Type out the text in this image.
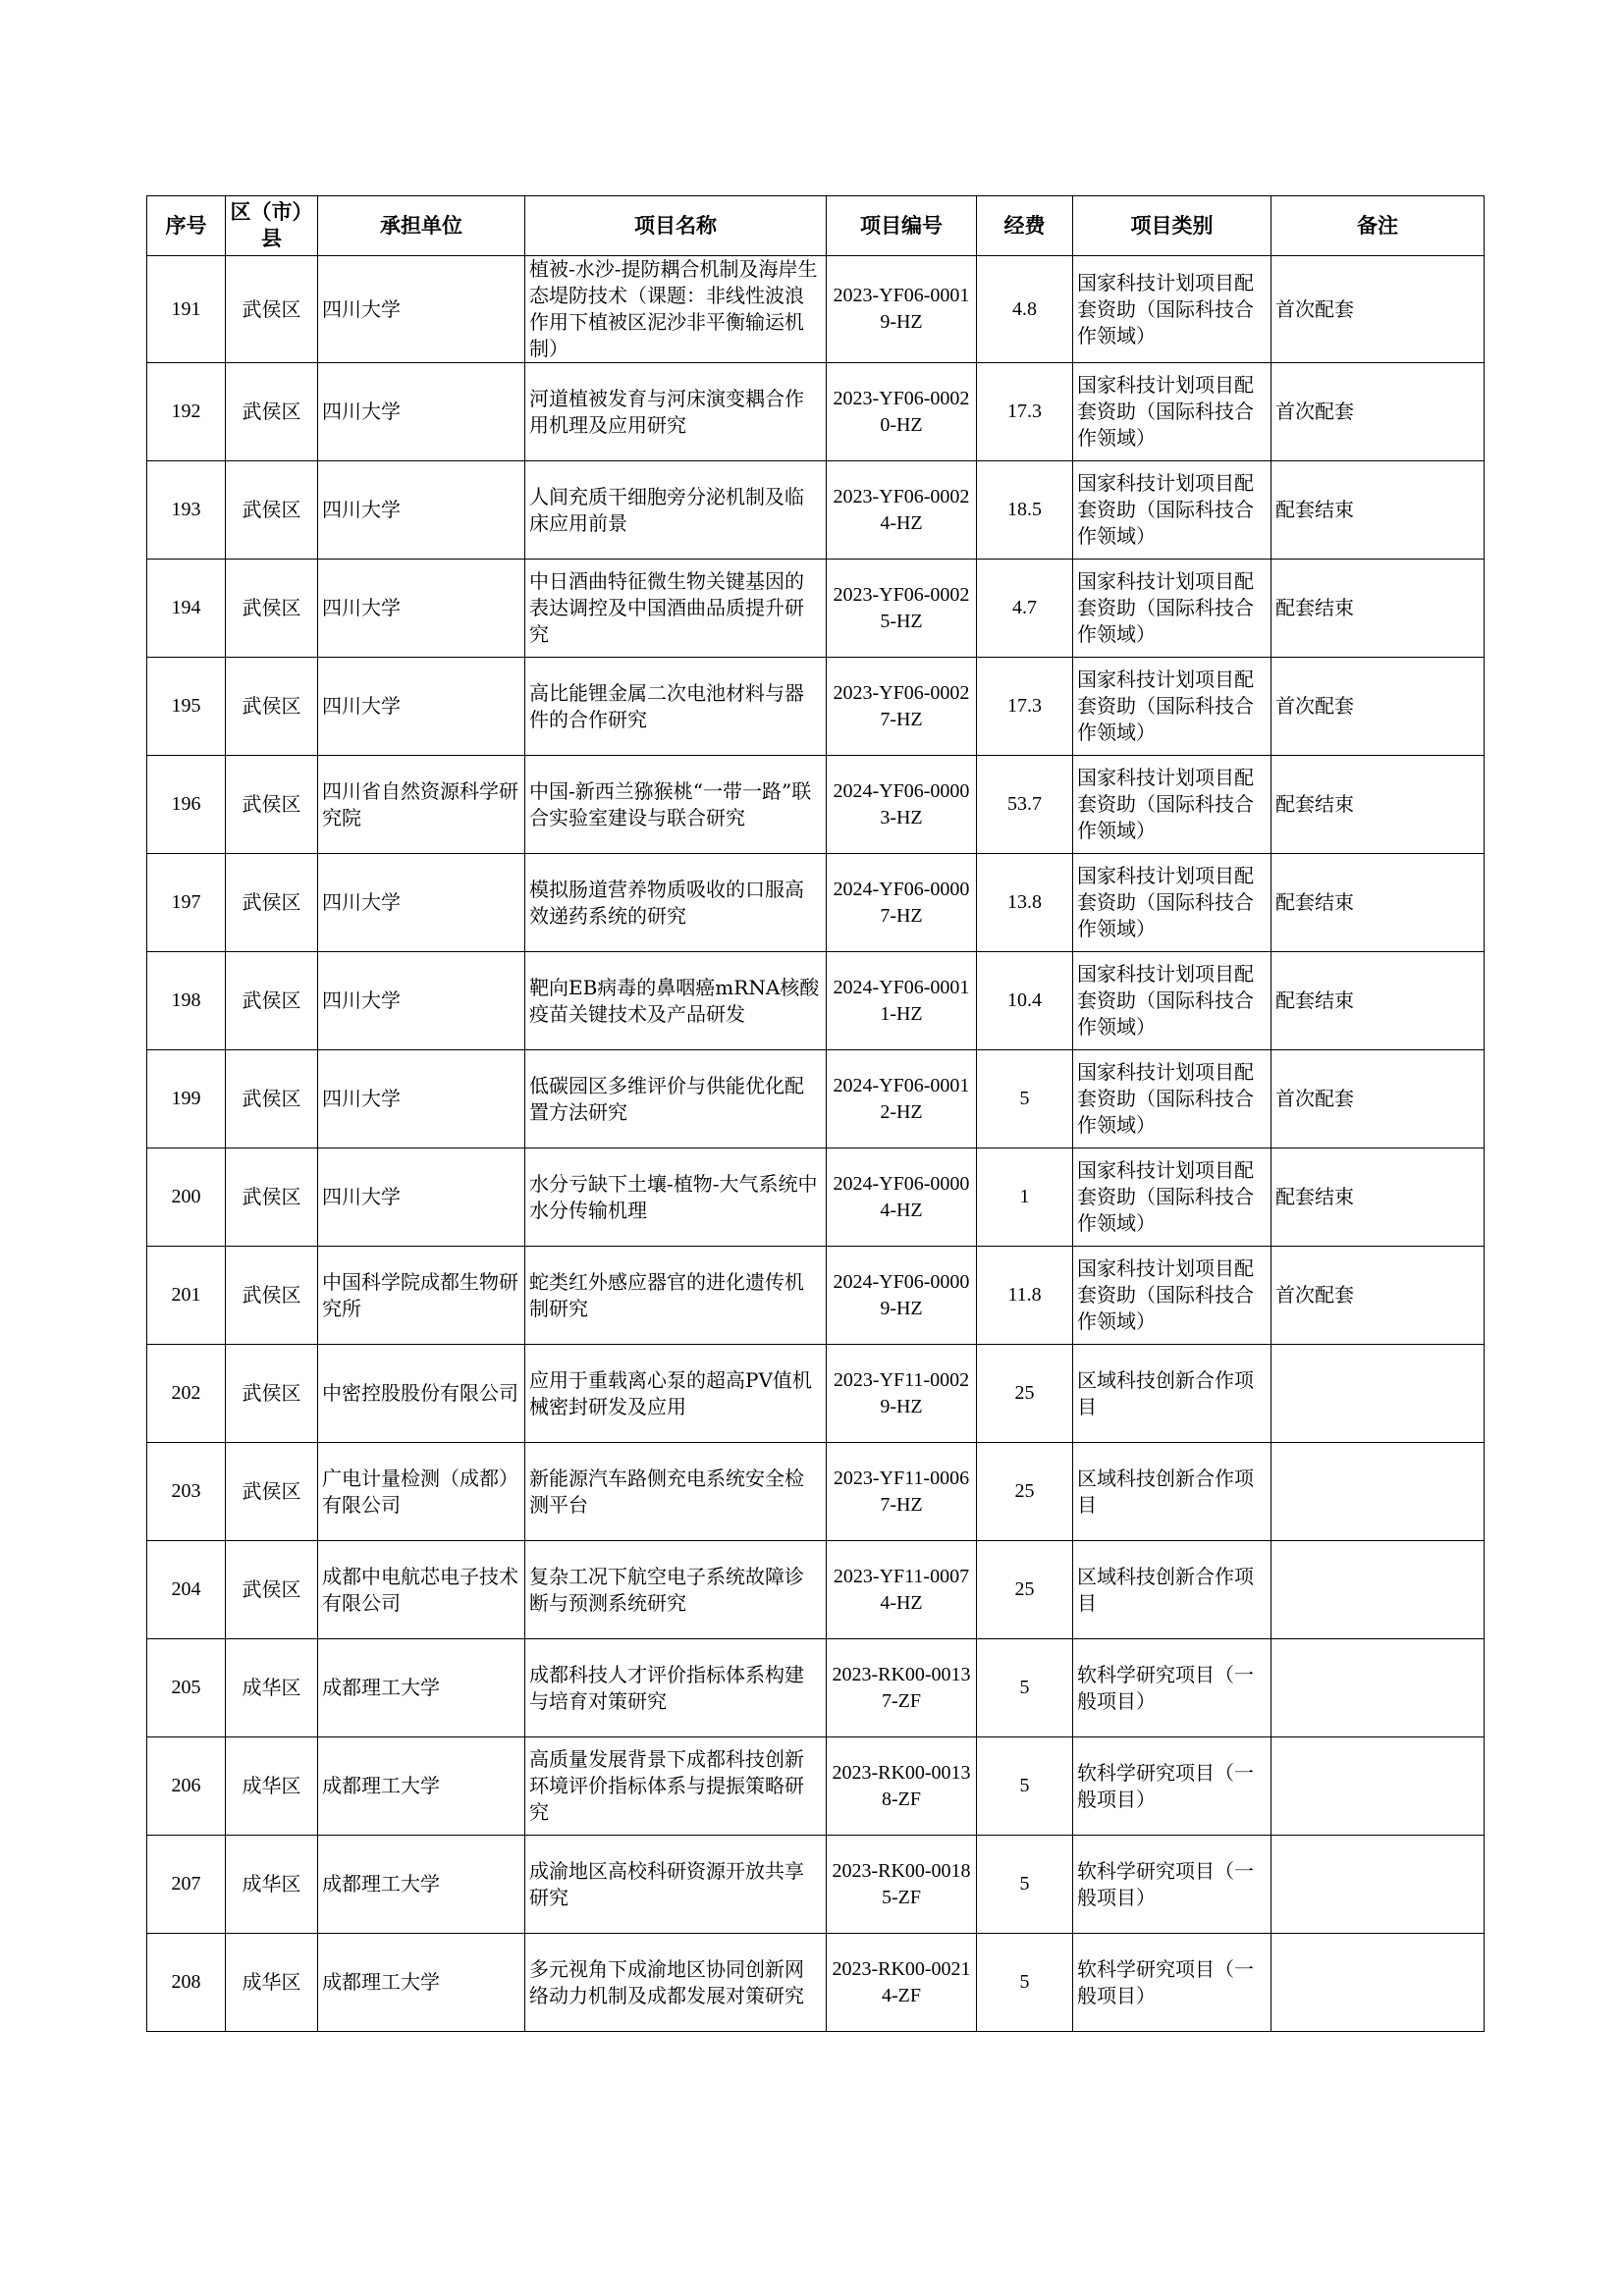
序号	区（市）县	承担单位	项目名称	项目编号	经费	项目类别	备注
191	武侯区	四川大学	植被-水沙-提防耦合机制及海岸生态堤防技术（课题：非线性波浪作用下植被区泥沙非平衡输运机制）	2023-YF06-00019-HZ	4.8	国家科技计划项目配套资助（国际科技合作领域）	首次配套
192	武侯区	四川大学	河道植被发育与河床演变耦合作用机理及应用研究	2023-YF06-00020-HZ	17.3	国家科技计划项目配套资助（国际科技合作领域）	首次配套
193	武侯区	四川大学	人间充质干细胞旁分泌机制及临床应用前景	2023-YF06-00024-HZ	18.5	国家科技计划项目配套资助（国际科技合作领域）	配套结束
194	武侯区	四川大学	中日酒曲特征微生物关键基因的表达调控及中国酒曲品质提升研究	2023-YF06-00025-HZ	4.7	国家科技计划项目配套资助（国际科技合作领域）	配套结束
195	武侯区	四川大学	高比能锂金属二次电池材料与器件的合作研究	2023-YF06-00027-HZ	17.3	国家科技计划项目配套资助（国际科技合作领域）	首次配套
196	武侯区	四川省自然资源科学研究院	中国-新西兰猕猴桃“一带一路”联合实验室建设与联合研究	2024-YF06-00003-HZ	53.7	国家科技计划项目配套资助（国际科技合作领域）	配套结束
197	武侯区	四川大学	模拟肠道营养物质吸收的口服高效递药系统的研究	2024-YF06-00007-HZ	13.8	国家科技计划项目配套资助（国际科技合作领域）	配套结束
198	武侯区	四川大学	靶向EB病毒的鼻咽癌mRNA核酸疫苗关键技术及产品研发	2024-YF06-00011-HZ	10.4	国家科技计划项目配套资助（国际科技合作领域）	配套结束
199	武侯区	四川大学	低碳园区多维评价与供能优化配置方法研究	2024-YF06-00012-HZ	5	国家科技计划项目配套资助（国际科技合作领域）	首次配套
200	武侯区	四川大学	水分亏缺下土壤-植物-大气系统中水分传输机理	2024-YF06-00004-HZ	1	国家科技计划项目配套资助（国际科技合作领域）	配套结束
201	武侯区	中国科学院成都生物研究所	蛇类红外感应器官的进化遗传机制研究	2024-YF06-00009-HZ	11.8	国家科技计划项目配套资助（国际科技合作领域）	首次配套
202	武侯区	中密控股股份有限公司	应用于重载离心泵的超高PV值机械密封研发及应用	2023-YF11-00029-HZ	25	区域科技创新合作项目	
203	武侯区	广电计量检测（成都）有限公司	新能源汽车路侧充电系统安全检测平台	2023-YF11-00067-HZ	25	区域科技创新合作项目	
204	武侯区	成都中电航芯电子技术有限公司	复杂工况下航空电子系统故障诊断与预测系统研究	2023-YF11-00074-HZ	25	区域科技创新合作项目	
205	成华区	成都理工大学	成都科技人才评价指标体系构建与培育对策研究	2023-RK00-00137-ZF	5	软科学研究项目（一般项目）	
206	成华区	成都理工大学	高质量发展背景下成都科技创新环境评价指标体系与提振策略研究	2023-RK00-00138-ZF	5	软科学研究项目（一般项目）	
207	成华区	成都理工大学	成渝地区高校科研资源开放共享研究	2023-RK00-00185-ZF	5	软科学研究项目（一般项目）	
208	成华区	成都理工大学	多元视角下成渝地区协同创新网络动力机制及成都发展对策研究	2023-RK00-00214-ZF	5	软科学研究项目（一般项目）	
